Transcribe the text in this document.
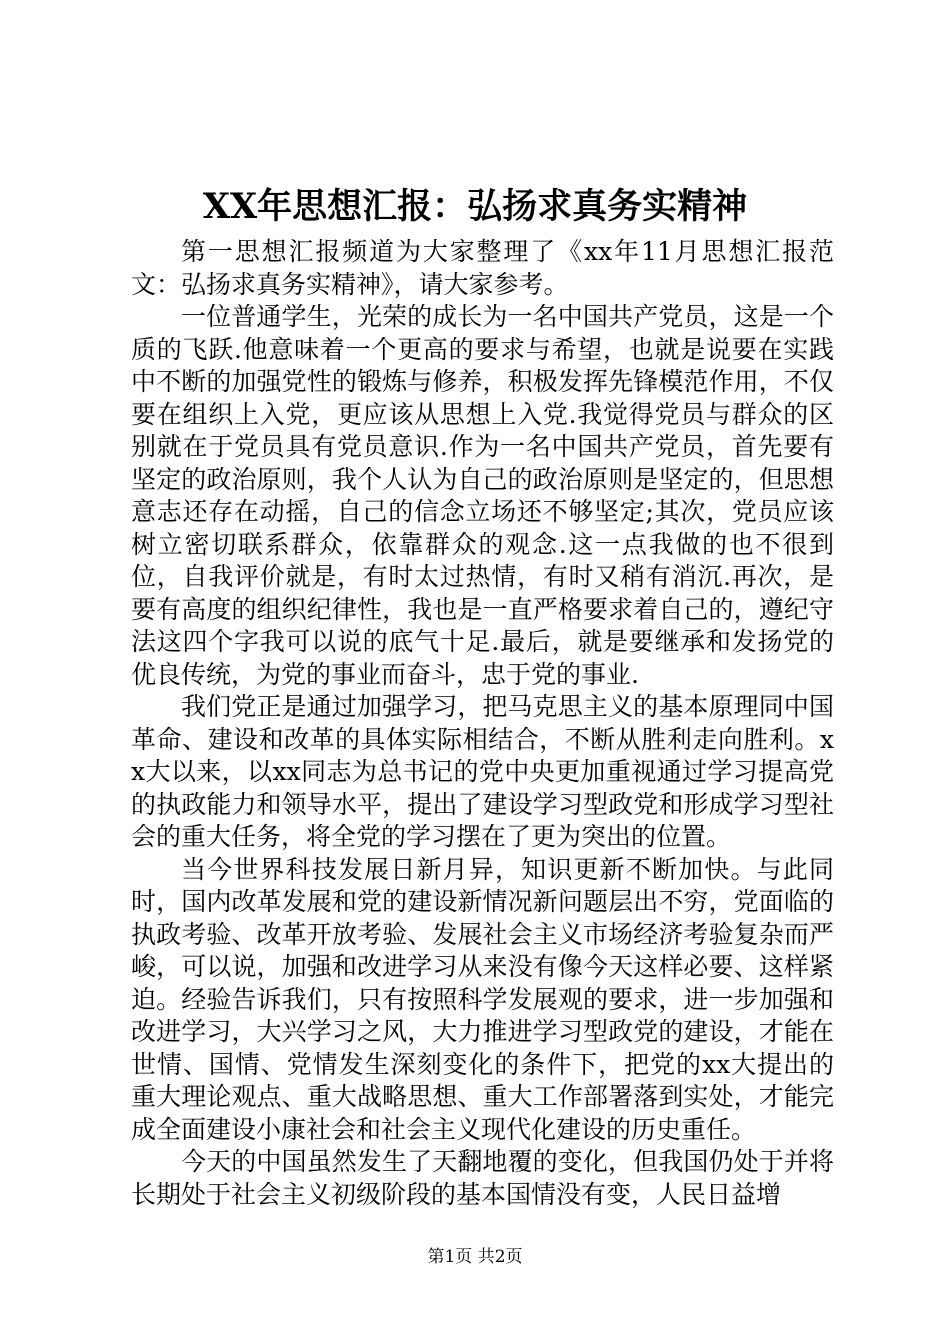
XX年思想汇报：弘扬求真务实精神

第一思想汇报频道为大家整理了《xx年11月思想汇报范文：弘扬求真务实精神》，请大家参考。

一位普通学生，光荣的成长为一名中国共产党员，这是一个质的飞跃.他意味着一个更高的要求与希望，也就是说要在实践中不断的加强党性的锻炼与修养，积极发挥先锋模范作用，不仅要在组织上入党，更应该从思想上入党.我觉得党员与群众的区别就在于党员具有党员意识.作为一名中国共产党员，首先要有坚定的政治原则，我个人认为自己的政治原则是坚定的，但思想意志还存在动摇，自己的信念立场还不够坚定;其次，党员应该树立密切联系群众，依靠群众的观念.这一点我做的也不很到位，自我评价就是，有时太过热情，有时又稍有消沉.再次，是要有高度的组织纪律性，我也是一直严格要求着自己的，遵纪守法这四个字我可以说的底气十足.最后，就是要继承和发扬党的优良传统，为党的事业而奋斗，忠于党的事业.

我们党正是通过加强学习，把马克思主义的基本原理同中国革命、建设和改革的具体实际相结合，不断从胜利走向胜利。xx大以来，以xx同志为总书记的党中央更加重视通过学习提高党的执政能力和领导水平，提出了建设学习型政党和形成学习型社会的重大任务，将全党的学习摆在了更为突出的位置。

当今世界科技发展日新月异，知识更新不断加快。与此同时，国内改革发展和党的建设新情况新问题层出不穷，党面临的执政考验、改革开放考验、发展社会主义市场经济考验复杂而严峻，可以说，加强和改进学习从来没有像今天这样必要、这样紧迫。经验告诉我们，只有按照科学发展观的要求，进一步加强和改进学习，大兴学习之风，大力推进学习型政党的建设，才能在世情、国情、党情发生深刻变化的条件下，把党的xx大提出的重大理论观点、重大战略思想、重大工作部署落到实处，才能完成全面建设小康社会和社会主义现代化建设的历史重任。

今天的中国虽然发生了天翻地覆的变化，但我国仍处于并将长期处于社会主义初级阶段的基本国情没有变，人民日益增

第1页 共2页
